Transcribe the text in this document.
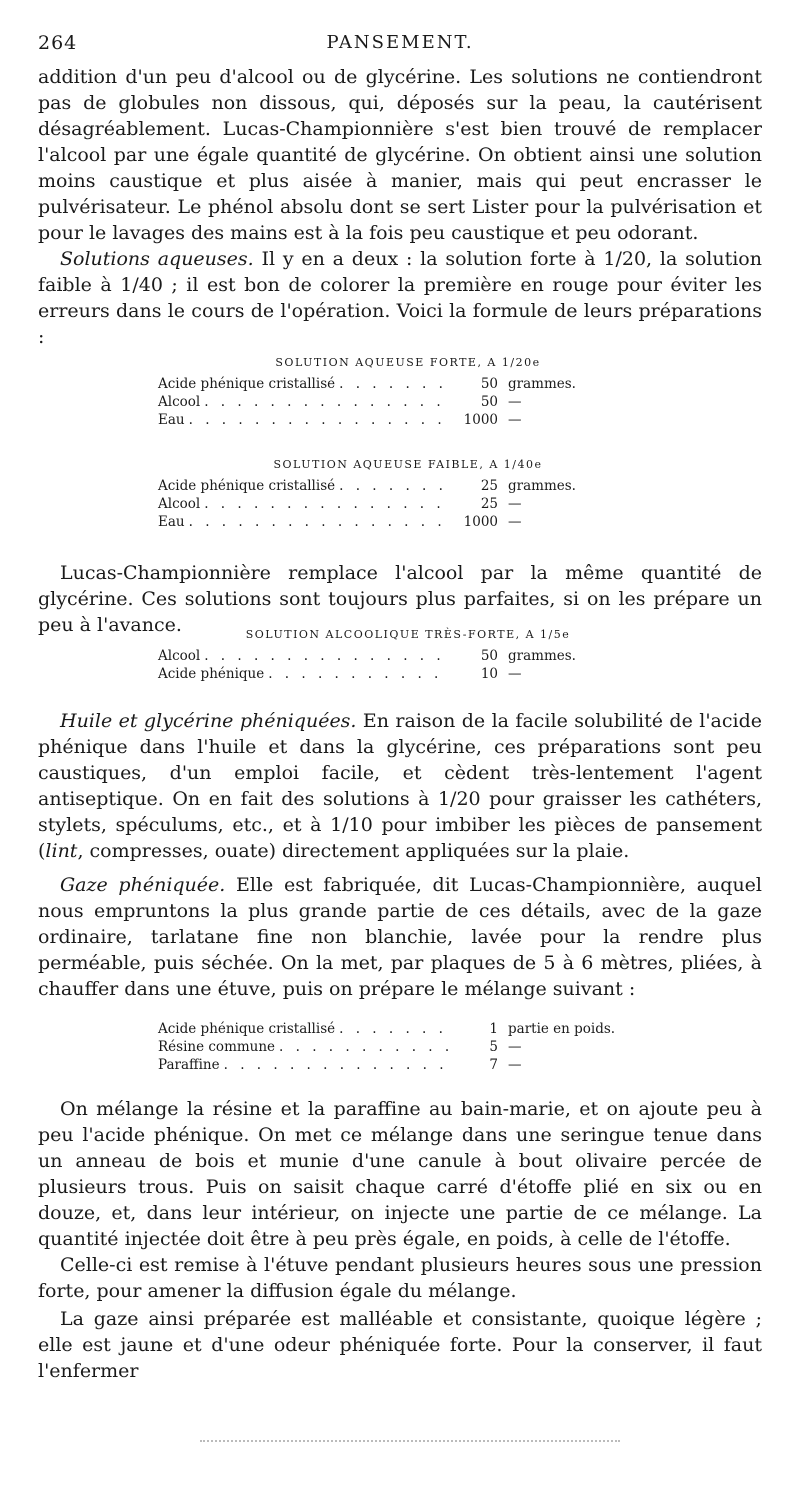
264	PANSEMENT.

addition d'un peu d'alcool ou de glycérine. Les solutions ne contiendront pas de globules non dissous, qui, déposés sur la peau, la cautérisent désagréablement. Lucas-Championnière s'est bien trouvé de remplacer l'alcool par une égale quantité de glycérine. On obtient ainsi une solution moins caustique et plus aisée à manier, mais qui peut encrasser le pulvérisateur. Le phénol absolu dont se sert Lister pour la pulvérisation et pour le lavages des mains est à la fois peu caustique et peu odorant.

Solutions aqueuses. Il y en a deux : la solution forte à 1/20, la solution faible à 1/40 ; il est bon de colorer la première en rouge pour éviter les erreurs dans le cours de l'opération. Voici la formule de leurs préparations :

SOLUTION AQUEUSE FORTE, A 1/20e
Acide phénique cristallisé . . .	50 grammes.
Alcool . . .	50 —
Eau . . .	1000 —
SOLUTION AQUEUSE FAIBLE, A 1/40e
Acide phénique cristallisé . . .	25 grammes.
Alcool . . .	25 —
Eau . . .	1000 —

Lucas-Championnière remplace l'alcool par la même quantité de glycérine. Ces solutions sont toujours plus parfaites, si on les prépare un peu à l'avance.	SOLUTION ALCOOLIQUE TRÈS-FORTE, A 1/5e
Alcool . . .	50 grammes.
Acide phénique . . .	10 —

Huile et glycérine phéniquées. En raison de la facile solubilité de l'acide phénique dans l'huile et dans la glycérine, ces préparations sont peu caustiques, d'un emploi facile, et cèdent très-lentement l'agent antiseptique. On en fait des solutions à 1/20 pour graisser les cathéters, stylets, spéculums, etc., et à 1/10 pour imbiber les pièces de pansement (lint, compresses, ouate) directement appliquées sur la plaie.

Gaze phéniquée. Elle est fabriquée, dit Lucas-Championnière, auquel nous empruntons la plus grande partie de ces détails, avec de la gaze ordinaire, tarlatane fine non blanchie, lavée pour la rendre plus perméable, puis séchée. On la met, par plaques de 5 à 6 mètres, pliées, à chauffer dans une étuve, puis on prépare le mélange suivant :

Acide phénique cristallisé . . .	1 partie en poids.
Résine commune . . .	5 —
Paraffine . . .	7 —

On mélange la résine et la paraffine au bain-marie, et on ajoute peu à peu l'acide phénique. On met ce mélange dans une seringue tenue dans un anneau de bois et munie d'une canule à bout olivaire percée de plusieurs trous. Puis on saisit chaque carré d'étoffe plié en six ou en douze, et, dans leur intérieur, on injecte une partie de ce mélange. La quantité injectée doit être à peu près égale, en poids, à celle de l'étoffe.

Celle-ci est remise à l'étuve pendant plusieurs heures sous une pression forte, pour amener la diffusion égale du mélange.

La gaze ainsi préparée est malléable et consistante, quoique légère ; elle est jaune et d'une odeur phéniquée forte. Pour la conserver, il faut l'enfermer
